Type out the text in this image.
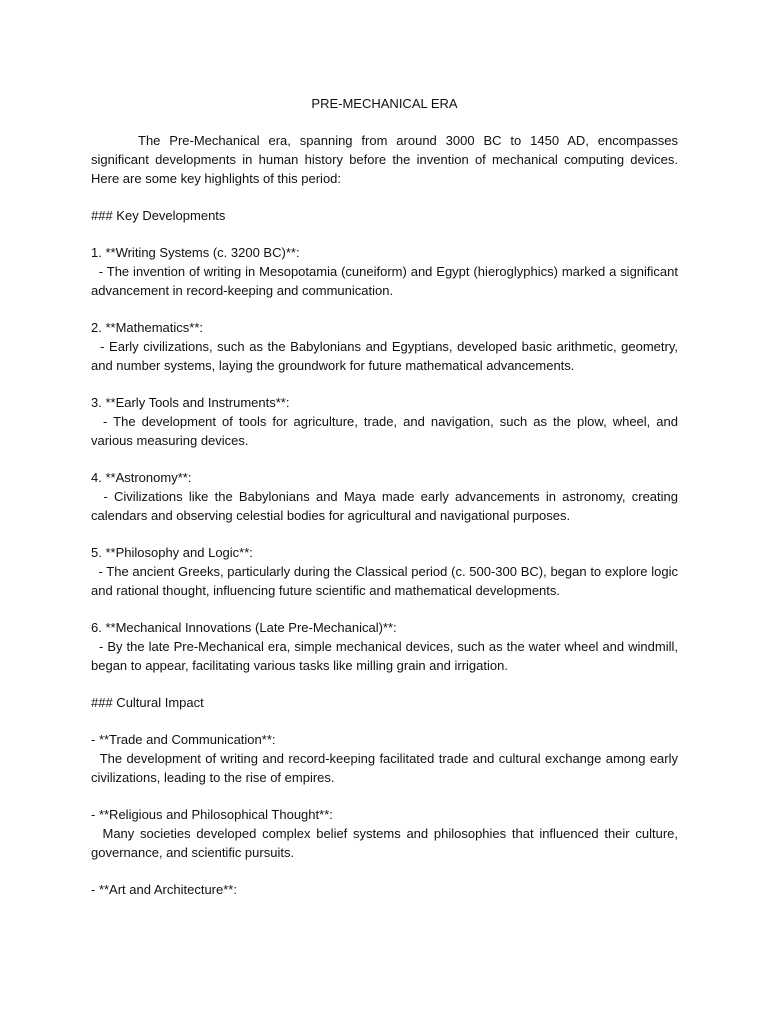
PRE-MECHANICAL ERA
The Pre-Mechanical era, spanning from around 3000 BC to 1450 AD, encompasses significant developments in human history before the invention of mechanical computing devices. Here are some key highlights of this period:
### Key Developments
1. **Writing Systems (c. 3200 BC)**:
- The invention of writing in Mesopotamia (cuneiform) and Egypt (hieroglyphics) marked a significant advancement in record-keeping and communication.
2. **Mathematics**:
- Early civilizations, such as the Babylonians and Egyptians, developed basic arithmetic, geometry, and number systems, laying the groundwork for future mathematical advancements.
3. **Early Tools and Instruments**:
- The development of tools for agriculture, trade, and navigation, such as the plow, wheel, and various measuring devices.
4. **Astronomy**:
- Civilizations like the Babylonians and Maya made early advancements in astronomy, creating calendars and observing celestial bodies for agricultural and navigational purposes.
5. **Philosophy and Logic**:
- The ancient Greeks, particularly during the Classical period (c. 500-300 BC), began to explore logic and rational thought, influencing future scientific and mathematical developments.
6. **Mechanical Innovations (Late Pre-Mechanical)**:
- By the late Pre-Mechanical era, simple mechanical devices, such as the water wheel and windmill, began to appear, facilitating various tasks like milling grain and irrigation.
### Cultural Impact
- **Trade and Communication**:
The development of writing and record-keeping facilitated trade and cultural exchange among early civilizations, leading to the rise of empires.
- **Religious and Philosophical Thought**:
Many societies developed complex belief systems and philosophies that influenced their culture, governance, and scientific pursuits.
- **Art and Architecture**:
